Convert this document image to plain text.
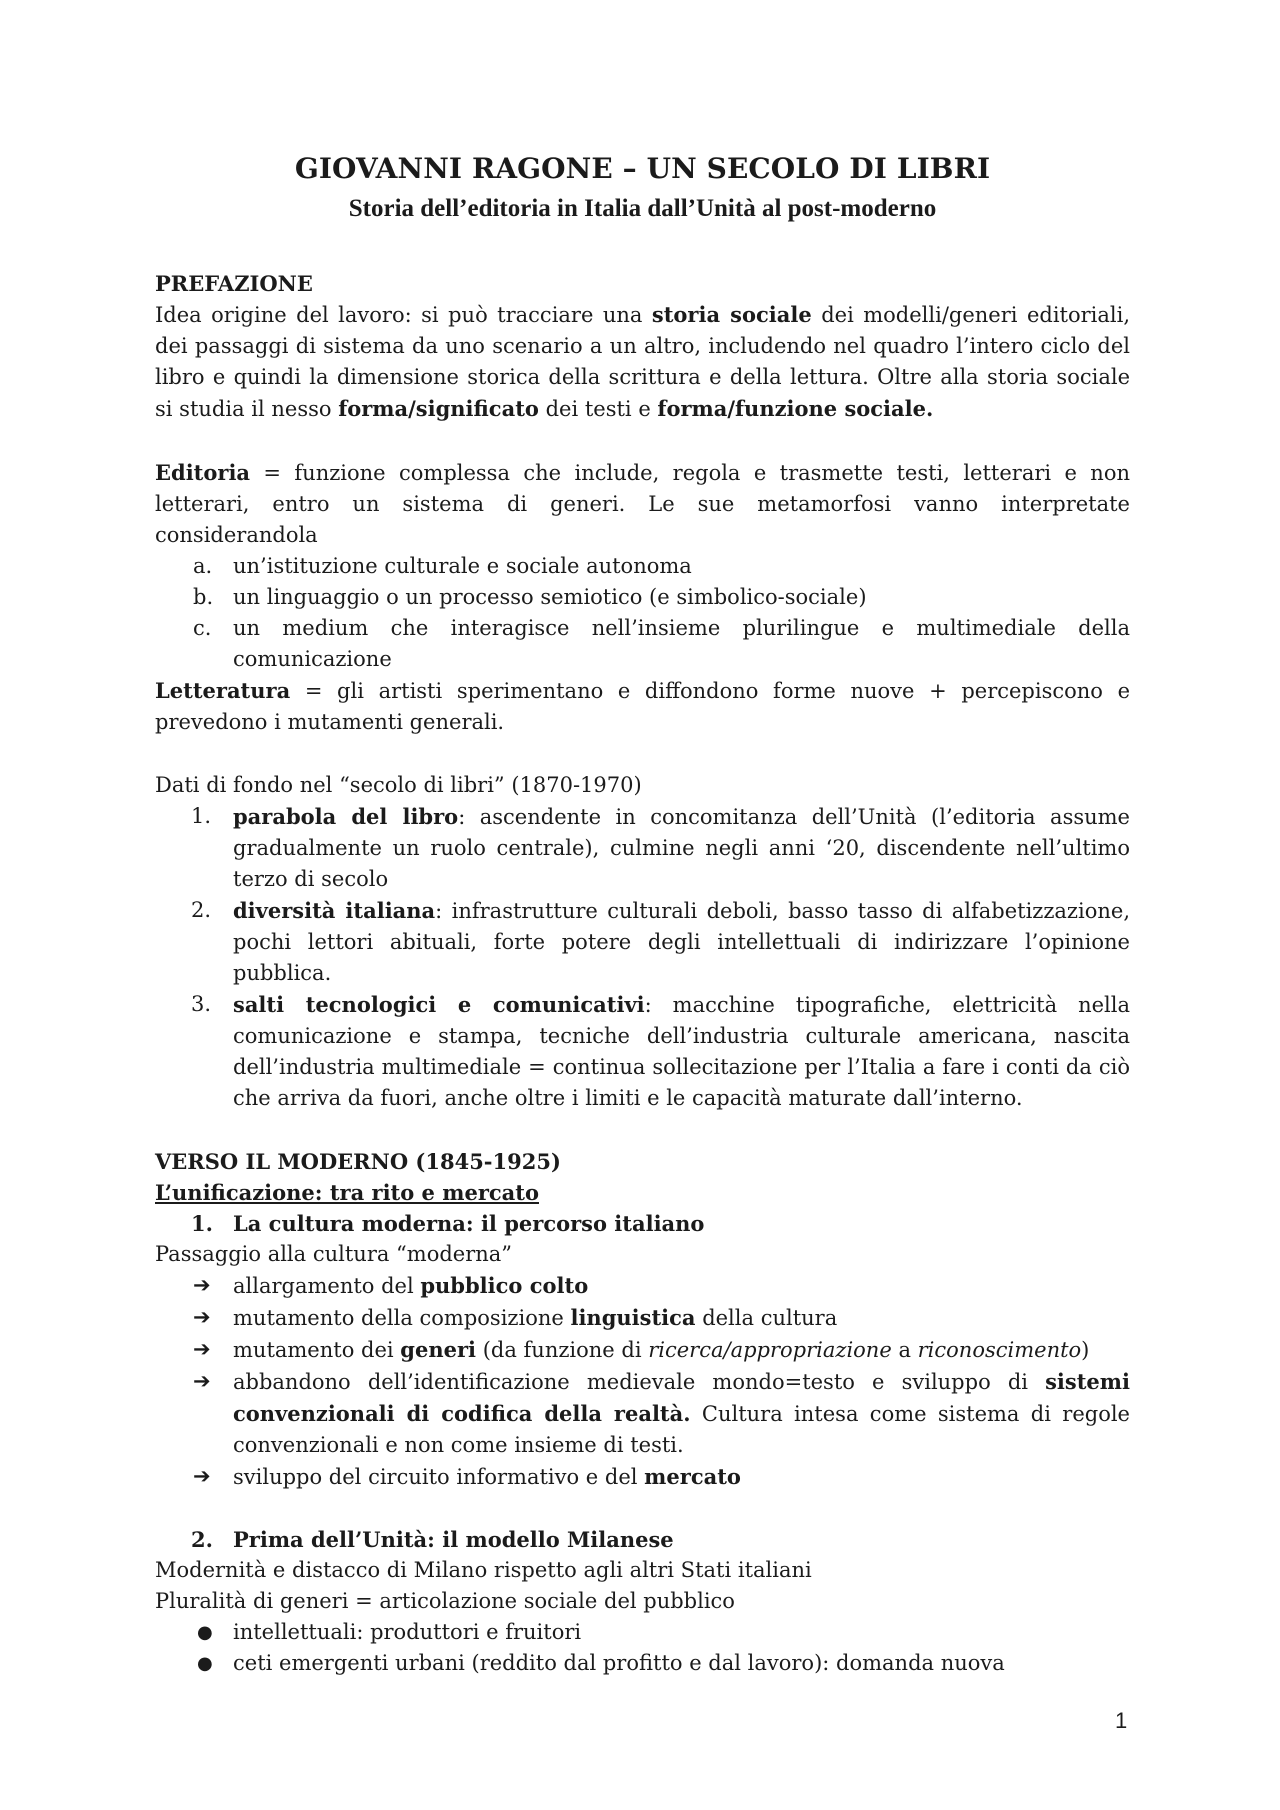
GIOVANNI RAGONE – UN SECOLO DI LIBRI
Storia dell’editoria in Italia dall’Unità al post-moderno

PREFAZIONE

Idea origine del lavoro: si può tracciare una storia sociale dei modelli/generi editoriali, dei passaggi di sistema da uno scenario a un altro, includendo nel quadro l’intero ciclo del libro e quindi la dimensione storica della scrittura e della lettura. Oltre alla storia sociale si studia il nesso forma/significato dei testi e forma/funzione sociale.

Editoria = funzione complessa che include, regola e trasmette testi, letterari e non letterari, entro un sistema di generi. Le sue metamorfosi vanno interpretate considerandola

a. un’istituzione culturale e sociale autonoma
b. un linguaggio o un processo semiotico (e simbolico-sociale)
c.	un medium che interagisce nell’insieme plurilingue e multimediale della comunicazione

Letteratura = gli artisti sperimentano e diffondono forme nuove + percepiscono e prevedono i mutamenti generali.

Dati di fondo nel “secolo di libri” (1870-1970)

1.	parabola del libro: ascendente in concomitanza dell’Unità (l’editoria assume gradualmente un ruolo centrale), culmine negli anni ‘20, discendente nell’ultimo terzo di secolo
2.	diversità italiana: infrastrutture culturali deboli, basso tasso di alfabetizzazione, pochi lettori abituali, forte potere degli intellettuali di indirizzare l’opinione pubblica.
3.	salti tecnologici e comunicativi: macchine tipografiche, elettricità nella comunicazione e stampa, tecniche dell’industria culturale americana, nascita dell’industria multimediale = continua sollecitazione per l’Italia a fare i conti da ciò che arriva da fuori, anche oltre i limiti e le capacità maturate dall’interno.

VERSO IL MODERNO (1845-1925)

L’unificazione: tra rito e mercato

1. La cultura moderna: il percorso italiano

Passaggio alla cultura “moderna”

➔	allargamento del pubblico colto
➔	mutamento della composizione linguistica della cultura
➔	mutamento dei generi (da funzione di ricerca/appropriazione a riconoscimento)
➔	abbandono dell’identificazione medievale mondo=testo e sviluppo di sistemi convenzionali di codifica della realtà. Cultura intesa come sistema di regole convenzionali e non come insieme di testi.
➔	sviluppo del circuito informativo e del mercato
2. Prima dell’Unità: il modello Milanese

Modernità e distacco di Milano rispetto agli altri Stati italiani

Pluralità di generi = articolazione sociale del pubblico

● intellettuali: produttori e fruitori
● ceti emergenti urbani (reddito dal profitto e dal lavoro): domanda nuova
1
